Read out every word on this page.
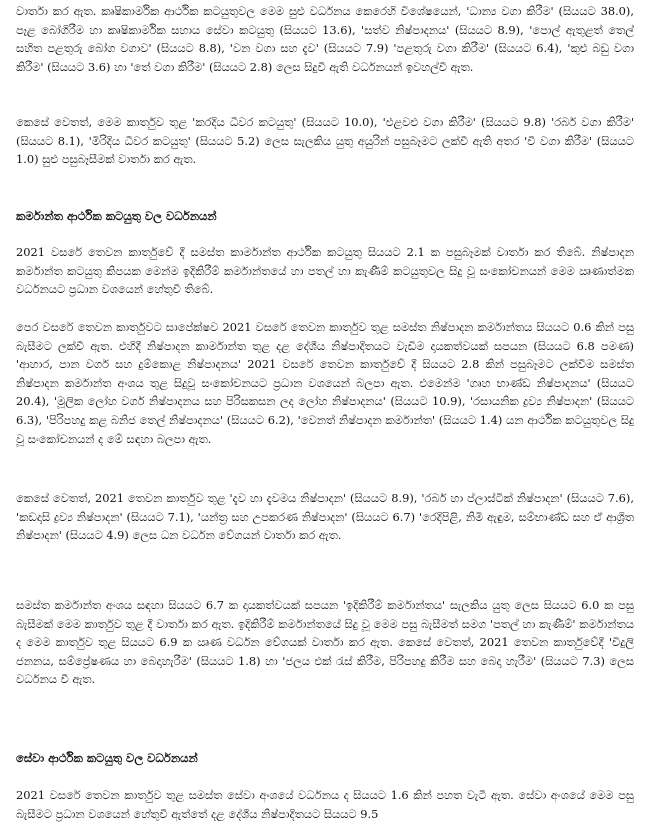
වාර්තා කර ඇත. කෘෂිකාර්මික ආර්ථික කටයුතුවල මෙම සුළු වර්ධනය කෙරෙහි විශේෂයෙන්, 'ධාන්‍ය වගා කිරීම' (සියයට 38.0), පෑළ බෝගිරීම හා කෘෂිකාර්මික සහාය සේවා කටයුතු (සියයට 13.6), 'සත්ව නිෂ්පාදනය' (සියයට 8.9), 'පොල් ඇතුළත් තෙල් සහිත පළතුරු බෝග වගාව' (සියයට 8.8), 'වන වගා සහ දැව' (සියයට 7.9) 'පළතුරු වගා කිරීම' (සියයට 6.4), 'කුළු බඩු වගා කිරීම' (සියයට 3.6) හා 'තේ වගා කිරීම' (සියයට 2.8) ලෙස සිදුවී ඇති වර්ධනයන් ඉවහල්වී ඇත.

කෙසේ වෙතත්, මෙම කාර්තුව තුළ 'කරදිය ධීවර කටයුතු' (සියයට 10.0), 'එළවළු වගා කිරීම' (සියයට 9.8) 'රබර් වගා කිරීම' (සියයට 8.1), 'මිරිදිය ධීවර කටයුතු' (සියයට 5.2) ලෙස සැලකිය යුතු අයුරින් පසුබෑමට ලක්වී ඇති අතර 'වී වගා කිරීම' (සියයට 1.0) සුළු පසුබෑසීමක් වාර්තා කර ඇත.

කර්මාන්ත ආර්ථික කටයුතු වල වර්ධනයන්

2021 වසරේ තෙවන කාර්තුවේ දී සමස්ත කාර්මාන්ත ආර්ථික කටයුතු සියයට 2.1 ක පසුබෑමක් වාර්තා කර තිබේ. නිෂ්පාදන කර්මාන්ත කටයුතු කිපයක මෙන්ම ඉදිකිරීම් කර්මාන්තයේ හා පතල් හා කැණීම් කටයුතුවල සිදු වූ සංකෝචනයන් මෙම ඍණාත්මක වර්ධනයට ප්‍රධාන වශයෙන් හේතුවී තිබේ.

පෙර වසරේ තෙවන කාර්තුවට සාපේක්ෂව 2021 වසරේ තෙවන කාර්තුව තුළ සමස්ත නිෂ්පාදන කර්මාන්තය සියයට 0.6 කින් පසු බැසීමට ලක්වී ඇත. එහිදී නිෂ්පාදන කාර්මාන්ත තුළ දළ දේශීය නිෂ්පාදිතයට වැඩිම දායකත්වයක් සපයන (සියයට 6.8 පමණ) 'ආහාර, පාන වර්ග සහ දුම්කොළ නිෂ්පාදනය' 2021 වසරේ තෙවන කාර්තුවේ දී සියයට 2.8 කින් පසුබෑමට ලක්වීම සමස්ත නිෂ්පාදන කර්මාන්ත අංශය තුළ සිදුවූ සංකෝචනයට ප්‍රධාන වශයෙන් බලපා ඇත. එමෙන්ම 'ගෘහ භාණ්ඩ නිෂ්පාදනය' (සියයට 20.4), 'මූලික ලෝහ වර්ග නිෂ්පාදනය සහ පිරිසකසන ලද ලෝහ නිෂ්පාදනය' (සියයට 10.9), 'රසායනික ද්‍රව්‍ය නිෂ්පාදන' (සියයට 6.3), 'පිරිපහදු කළ බනිජ තෙල් නිෂ්පාදනය' (සියයට 6.2), 'වෙනත් නිෂ්පාදන කර්මාන්ත' (සියයට 1.4) යන ආර්ථික කටයුතුවල සිදු වූ සංකෝචනයන් ද මේ සඳහා බලපා ඇත.

කෙසේ වෙතත්, 2021 තෙවන කාර්තුව තුළ 'දැව හා දැවමය නිෂ්පාදන' (සියයට 8.9), 'රබර් හා ප්ලාස්ටික් නිෂ්පාදන' (සියයට 7.6), 'කඩදාසි ද්‍රව්‍ය නිෂ්පාදන' (සියයට 7.1), 'යන්ත්‍ර සහ උපකරණ නිෂ්පාදන' (සියයට 6.7) 'රෙදිපිළි, නිමි ඇඳුම, සම්භාණ්ඩ සහ ඒ ආශ්‍රිත නිෂ්පාදන' (සියයට 4.9) ලෙස ධන වර්ධන වේගයන් වාර්තා කර ඇත.

සමස්ත කර්මාන්ත අංශය සඳහා සියයට 6.7 ක දායකත්වයක් සපයන 'ඉදිකිරීම් කර්මාන්තය' සැලකිය යුතු ලෙස සියයට 6.0 ක පසු බැසීමක් මෙම කාර්තුව තුළ දී වාර්තා කර ඇත. ඉදිකිරීම් කර්මාන්තයේ සිදු වූ මෙම පසු බැසීමත් සමග 'පතල් හා කැණීම්' කර්මාන්තය ද මෙම කාර්තුව තුළ සියයට 6.9 ක ඍණ වර්ධන වේගයක් වාර්තා කර ඇත. කෙසේ වෙතත්, 2021 තෙවන කාර්තුවේදී 'විදුලි ජනනය, සම්ප්‍රේෂණය හා බෙදාහැරීම' (සියයට 1.8) හා 'ජලය එක් රැස් කිරීම, පිරිපහදු කිරීම සහ බෙදා හැරීම' (සියයට 7.3) ලෙස වර්ධනය වී ඇත.

සේවා ආර්ථික කටයුතු වල වර්ධනයන්

2021 වසරේ තෙවන කාර්තුව තුළ සමස්ත සේවා අංශයේ වර්ධනය ද සියයට 1.6 කින් පහත වැටී ඇත. සේවා අංශයේ මෙම පසු බැසීමට ප්‍රධාන වශයෙන් හේතුවී ඇත්තේ දළ දේශීය නිෂ්පාදිතයට සියයට 9.5
